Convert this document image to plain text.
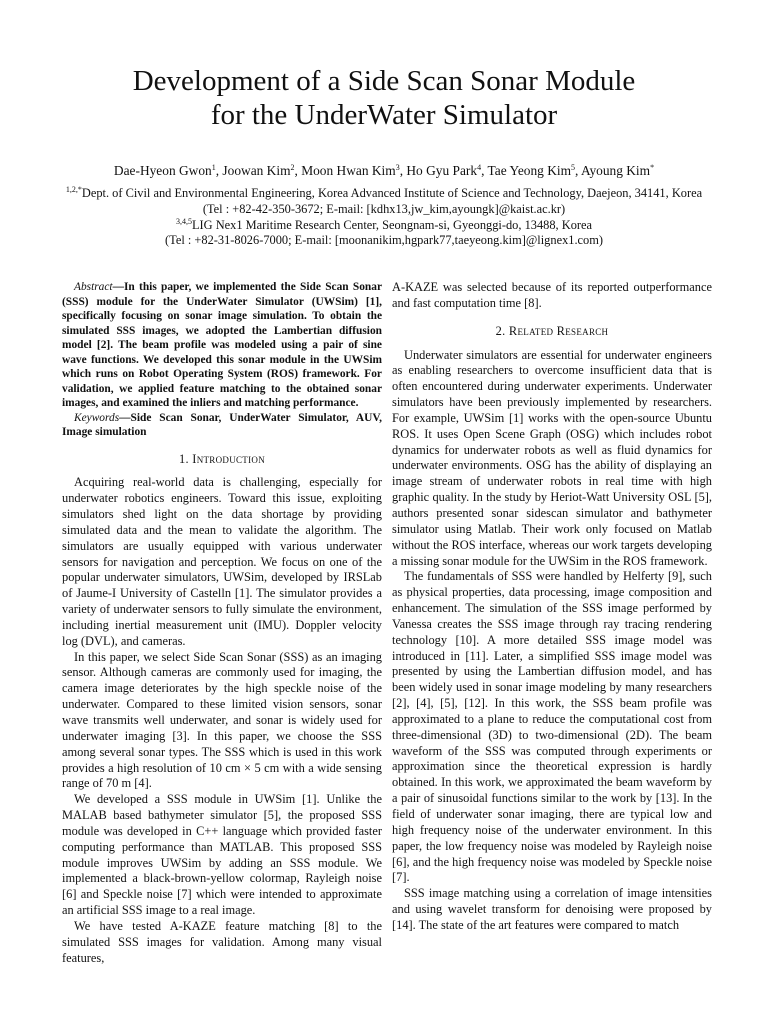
Development of a Side Scan Sonar Module
for the UnderWater Simulator
Dae-Hyeon Gwon$^1$, Joowan Kim$^2$, Moon Hwan Kim$^3$, Ho Gyu Park$^4$, Tae Yeong Kim$^5$, Ayoung Kim*
$^{1,2,*}$Dept. of Civil and Environmental Engineering, Korea Advanced Institute of Science and Technology, Daejeon, 34141, Korea
(Tel : +82-42-350-3672; E-mail: [kdhx13,jw_kim,ayoungk]@kaist.ac.kr)
$^{3,4,5}$LIG Nex1 Maritime Research Center, Seongnam-si, Gyeonggi-do, 13488, Korea
(Tel : +82-31-8026-7000; E-mail: [moonanikim,hgpark77,taeyeong.kim]@lignex1.com)

Abstract—In this paper, we implemented the Side Scan Sonar (SSS) module for the UnderWater Simulator (UWSim) [1], specifically focusing on sonar image simulation. To obtain the simulated SSS images, we adopted the Lambertian diffusion model [2]. The beam profile was modeled using a pair of sine wave functions. We developed this sonar module in the UWSim which runs on Robot Operating System (ROS) framework. For validation, we applied feature matching to the obtained sonar images, and examined the inliers and matching performance.

Keywords—Side Scan Sonar, UnderWater Simulator, AUV, Image simulation

1. Introduction

Acquiring real-world data is challenging, especially for underwater robotics engineers. Toward this issue, exploiting simulators shed light on the data shortage by providing simulated data and the mean to validate the algorithm. The simulators are usually equipped with various underwater sensors for navigation and perception. We focus on one of the popular underwater simulators, UWSim, developed by IRSLab of Jaume-I University of Castelln [1]. The simulator provides a variety of underwater sensors to fully simulate the environment, including inertial measurement unit (IMU). Doppler velocity log (DVL), and cameras.

In this paper, we select Side Scan Sonar (SSS) as an imaging sensor. Although cameras are commonly used for imaging, the camera image deteriorates by the high speckle noise of the underwater. Compared to these limited vision sensors, sonar wave transmits well underwater, and sonar is widely used for underwater imaging [3]. In this paper, we choose the SSS among several sonar types. The SSS which is used in this work provides a high resolution of 10 cm × 5 cm with a wide sensing range of 70 m [4].

We developed a SSS module in UWSim [1]. Unlike the MALAB based bathymeter simulator [5], the proposed SSS module was developed in C++ language which provided faster computing performance than MATLAB. This proposed SSS module improves UWSim by adding an SSS module. We implemented a black-brown-yellow colormap, Rayleigh noise [6] and Speckle noise [7] which were intended to approximate an artificial SSS image to a real image.

We have tested A-KAZE feature matching [8] to the simulated SSS images for validation. Among many visual features,

A-KAZE was selected because of its reported outperformance and fast computation time [8].

2. Related Research

Underwater simulators are essential for underwater engineers as enabling researchers to overcome insufficient data that is often encountered during underwater experiments. Underwater simulators have been previously implemented by researchers. For example, UWSim [1] works with the open-source Ubuntu ROS. It uses Open Scene Graph (OSG) which includes robot dynamics for underwater robots as well as fluid dynamics for underwater environments. OSG has the ability of displaying an image stream of underwater robots in real time with high graphic quality. In the study by Heriot-Watt University OSL [5], authors presented sonar sidescan simulator and bathymeter simulator using Matlab. Their work only focused on Matlab without the ROS interface, whereas our work targets developing a missing sonar module for the UWSim in the ROS framework.

The fundamentals of SSS were handled by Helferty [9], such as physical properties, data processing, image composition and enhancement. The simulation of the SSS image performed by Vanessa creates the SSS image through ray tracing rendering technology [10]. A more detailed SSS image model was introduced in [11]. Later, a simplified SSS image model was presented by using the Lambertian diffusion model, and has been widely used in sonar image modeling by many researchers [2], [4], [5], [12]. In this work, the SSS beam profile was approximated to a plane to reduce the computational cost from three-dimensional (3D) to two-dimensional (2D). The beam waveform of the SSS was computed through experiments or approximation since the theoretical expression is hardly obtained. In this work, we approximated the beam waveform by a pair of sinusoidal functions similar to the work by [13]. In the field of underwater sonar imaging, there are typical low and high frequency noise of the underwater environment. In this paper, the low frequency noise was modeled by Rayleigh noise [6], and the high frequency noise was modeled by Speckle noise [7].

SSS image matching using a correlation of image intensities and using wavelet transform for denoising were proposed by [14]. The state of the art features were compared to match
